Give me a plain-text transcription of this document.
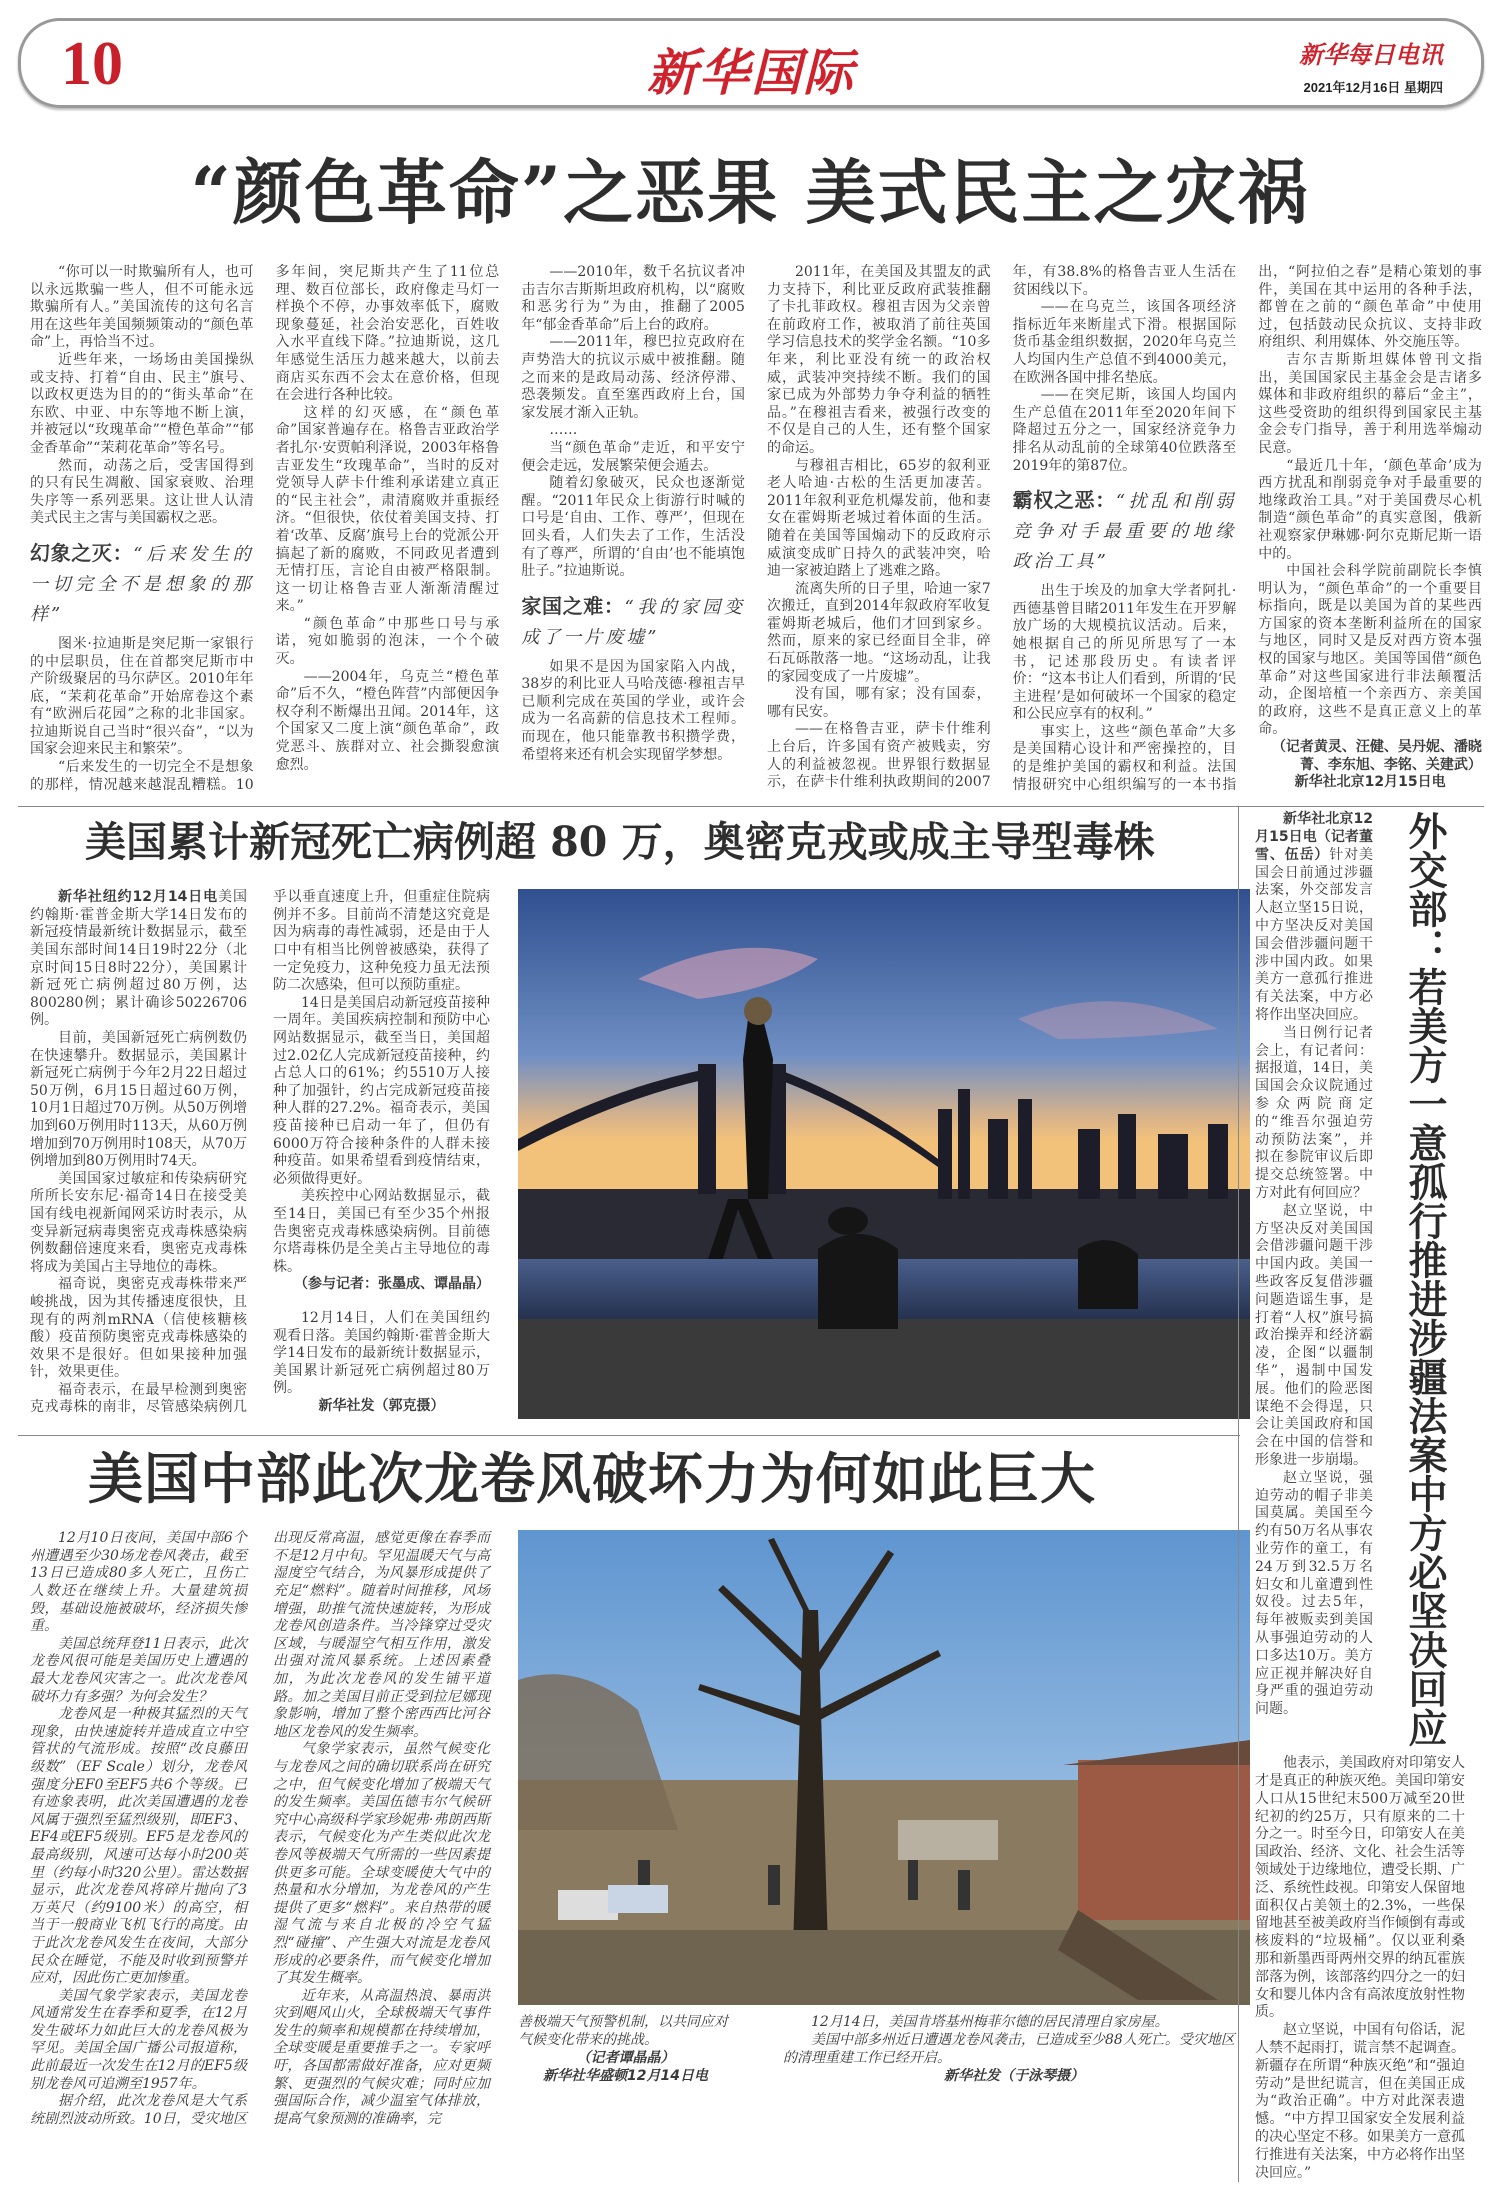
10	新华国际	新华每日电讯
2021年12月16日 星期四
“颜色革命”之恶果 美式民主之灾祸

“你可以一时欺骗所有人，也可以永远欺骗一些人，但不可能永远欺骗所有人。”美国流传的这句名言用在这些年美国频频策动的“颜色革命”上，再恰当不过。

近些年来，一场场由美国操纵或支持、打着“自由、民主”旗号、以政权更迭为目的的“街头革命”在东欧、中亚、中东等地不断上演，并被冠以“玫瑰革命”“橙色革命”“郁金香革命”“茉莉花革命”等名号。

然而，动荡之后，受害国得到的只有民生凋敝、国家衰败、治理失序等一系列恶果。这让世人认清美式民主之害与美国霸权之恶。

幻象之灭：“后来发生的一切完全不是想象的那样”

图米·拉迪斯是突尼斯一家银行的中层职员，住在首都突尼斯市中产阶级聚居的马尔萨区。2010年年底，“茉莉花革命”开始席卷这个素有“欧洲后花园”之称的北非国家。拉迪斯说自己当时“很兴奋”，“以为国家会迎来民主和繁荣”。

“后来发生的一切完全不是想象的那样，情况越来越混乱糟糕。10多年间，突尼斯共产生了11位总理、数百位部长，政府像走马灯一样换个不停，办事效率低下，腐败现象蔓延，社会治安恶化，百姓收入水平直线下降。”拉迪斯说，这几年感觉生活压力越来越大，以前去商店买东西不会太在意价格，但现在会进行各种比较。

这样的幻灭感，在“颜色革命”国家普遍存在。格鲁吉亚政治学者扎尔·安贾帕利泽说，2003年格鲁吉亚发生“玫瑰革命”，当时的反对党领导人萨卡什维利承诺建立真正的“民主社会”，肃清腐败并重振经济。“但很快，依仗着美国支持、打着‘改革、反腐’旗号上台的党派公开搞起了新的腐败，不同政见者遭到无情打压，言论自由被严格限制。这一切让格鲁吉亚人渐渐清醒过来。”

“颜色革命”中那些口号与承诺，宛如脆弱的泡沫，一个个破灭。

——2004年，乌克兰“橙色革命”后不久，“橙色阵营”内部便因争权夺利不断爆出丑闻。2014年，这个国家又二度上演“颜色革命”，政党恶斗、族群对立、社会撕裂愈演愈烈。

——2010年，数千名抗议者冲击吉尔吉斯斯坦政府机构，以“腐败和恶劣行为”为由，推翻了2005年“郁金香革命”后上台的政府。

——2011年，穆巴拉克政府在声势浩大的抗议示威中被推翻。随之而来的是政局动荡、经济停滞、恐袭频发。直至塞西政府上台，国家发展才渐入正轨。

……

当“颜色革命”走近，和平安宁便会走远，发展繁荣便会遁去。

随着幻象破灭，民众也逐渐觉醒。“2011年民众上街游行时喊的口号是‘自由、工作、尊严’，但现在回头看，人们失去了工作，生活没有了尊严，所谓的‘自由’也不能填饱肚子。”拉迪斯说。

家国之难：“我的家园变成了一片废墟”

如果不是因为国家陷入内战，38岁的利比亚人马哈茂德·穆祖吉早已顺利完成在英国的学业，或许会成为一名高薪的信息技术工程师。而现在，他只能靠教书积攒学费，希望将来还有机会实现留学梦想。

2011年，在美国及其盟友的武力支持下，利比亚反政府武装推翻了卡扎菲政权。穆祖吉因为父亲曾在前政府工作，被取消了前往英国学习信息技术的奖学金名额。“10多年来，利比亚没有统一的政治权威，武装冲突持续不断。我们的国家已成为外部势力争夺利益的牺牲品。”在穆祖吉看来，被强行改变的不仅是自己的人生，还有整个国家的命运。

与穆祖吉相比，65岁的叙利亚老人哈迪·古松的生活更加凄苦。2011年叙利亚危机爆发前，他和妻女在霍姆斯老城过着体面的生活。随着在美国等国煽动下的反政府示威演变成旷日持久的武装冲突，哈迪一家被迫踏上了逃难之路。

流离失所的日子里，哈迪一家7次搬迁，直到2014年叙政府军收复霍姆斯老城后，他们才回到家乡。然而，原来的家已经面目全非，碎石瓦砾散落一地。“这场动乱，让我的家园变成了一片废墟”。

没有国，哪有家；没有国泰，哪有民安。

——在格鲁吉亚，萨卡什维利上台后，许多国有资产被贱卖，穷人的利益被忽视。世界银行数据显示，在萨卡什维利执政期间的2007年，有38.8%的格鲁吉亚人生活在贫困线以下。

——在乌克兰，该国各项经济指标近年来断崖式下滑。根据国际货币基金组织数据，2020年乌克兰人均国内生产总值不到4000美元，在欧洲各国中排名垫底。

——在突尼斯，该国人均国内生产总值在2011年至2020年间下降超过五分之一，国家经济竞争力排名从动乱前的全球第40位跌落至2019年的第87位。

霸权之恶：“扰乱和削弱竞争对手最重要的地缘政治工具”

出生于埃及的加拿大学者阿扎·西德基曾目睹2011年发生在开罗解放广场的大规模抗议活动。后来，她根据自己的所见所思写了一本书，记述那段历史。有读者评价：“这本书让人们看到，所谓的‘民主进程’是如何破坏一个国家的稳定和公民应享有的权利。”

事实上，这些“颜色革命”大多是美国精心设计和严密操控的，目的是维护美国的霸权和利益。法国情报研究中心组织编写的一本书指出，“阿拉伯之春”是精心策划的事件，美国在其中运用的各种手法，都曾在之前的“颜色革命”中使用过，包括鼓动民众抗议、支持非政府组织、利用媒体、外交施压等。

吉尔吉斯斯坦媒体曾刊文指出，美国国家民主基金会是吉诸多媒体和非政府组织的幕后“金主”，这些受资助的组织得到国家民主基金会专门指导，善于利用选举煽动民意。

“最近几十年，‘颜色革命’成为西方扰乱和削弱竞争对手最重要的地缘政治工具。”对于美国费尽心机制造“颜色革命”的真实意图，俄新社观察家伊琳娜·阿尔克斯尼斯一语中的。

中国社会科学院前副院长李慎明认为，“颜色革命”的一个重要目标指向，既是以美国为首的某些西方国家的资本垄断利益所在的国家与地区，同时又是反对西方资本强权的国家与地区。美国等国借“颜色革命”对这些国家进行非法颠覆活动，企图培植一个亲西方、亲美国的政府，这些不是真正意义上的革命。

（记者黄灵、汪健、吴丹妮、潘晓菁、李东旭、李铭、关建武）

新华社北京12月15日电

美国累计新冠死亡病例超 80 万，奥密克戎或成主导型毒株

新华社纽约12月14日电美国约翰斯·霍普金斯大学14日发布的新冠疫情最新统计数据显示，截至美国东部时间14日19时22分（北京时间15日8时22分），美国累计新冠死亡病例超过80万例，达800280例；累计确诊50226706例。

目前，美国新冠死亡病例数仍在快速攀升。数据显示，美国累计新冠死亡病例于今年2月22日超过50万例，6月15日超过60万例，10月1日超过70万例。从50万例增加到60万例用时113天，从60万例增加到70万例用时108天，从70万例增加到80万例用时74天。

美国国家过敏症和传染病研究所所长安东尼·福奇14日在接受美国有线电视新闻网采访时表示，从变异新冠病毒奥密克戎毒株感染病例数翻倍速度来看，奥密克戎毒株将成为美国占主导地位的毒株。

福奇说，奥密克戎毒株带来严峻挑战，因为其传播速度很快，且现有的两剂mRNA（信使核糖核酸）疫苗预防奥密克戎毒株感染的效果不是很好。但如果接种加强针，效果更佳。

福奇表示，在最早检测到奥密克戎毒株的南非，尽管感染病例几乎以垂直速度上升，但重症住院病例并不多。目前尚不清楚这究竟是因为病毒的毒性减弱，还是由于人口中有相当比例曾被感染，获得了一定免疫力，这种免疫力虽无法预防二次感染，但可以预防重症。

14日是美国启动新冠疫苗接种一周年。美国疾病控制和预防中心网站数据显示，截至当日，美国超过2.02亿人完成新冠疫苗接种，约占总人口的61%；约5510万人接种了加强针，约占完成新冠疫苗接种人群的27.2%。福奇表示，美国疫苗接种已启动一年了，但仍有6000万符合接种条件的人群未接种疫苗。如果希望看到疫情结束，必须做得更好。

美疾控中心网站数据显示，截至14日，美国已有至少35个州报告奥密克戎毒株感染病例。目前德尔塔毒株仍是全美占主导地位的毒株。

（参与记者：张墨成、谭晶晶）

12月14日，人们在美国纽约观看日落。美国约翰斯·霍普金斯大学14日发布的最新统计数据显示，美国累计新冠死亡病例超过80万例。

新华社发（郭克摄）

美国中部此次龙卷风破坏力为何如此巨大

12月10日夜间，美国中部6个州遭遇至少30场龙卷风袭击，截至13日已造成80多人死亡，且伤亡人数还在继续上升。大量建筑损毁，基础设施被破坏，经济损失惨重。

美国总统拜登11日表示，此次龙卷风很可能是美国历史上遭遇的最大龙卷风灾害之一。此次龙卷风破坏力有多强？为何会发生？

龙卷风是一种极其猛烈的天气现象，由快速旋转并造成直立中空管状的气流形成。按照“改良藤田级数”（EF Scale）划分，龙卷风强度分EF0至EF5共6个等级。已有迹象表明，此次美国遭遇的龙卷风属于强烈至猛烈级别，即EF3、EF4或EF5级别。EF5是龙卷风的最高级别，风速可达每小时200英里（约每小时320公里）。雷达数据显示，此次龙卷风将碎片抛向了3万英尺（约9100米）的高空，相当于一般商业飞机飞行的高度。由于此次龙卷风发生在夜间，大部分民众在睡觉，不能及时收到预警并应对，因此伤亡更加惨重。

美国气象学家表示，美国龙卷风通常发生在春季和夏季，在12月发生破坏力如此巨大的龙卷风极为罕见。美国全国广播公司报道称，此前最近一次发生在12月的EF5级别龙卷风可追溯至1957年。

据介绍，此次龙卷风是大气系统剧烈波动所致。10日，受灾地区出现反常高温，感觉更像在春季而不是12月中旬。罕见温暖天气与高湿度空气结合，为风暴形成提供了充足“燃料”。随着时间推移，风场增强，助推气流快速旋转，为形成龙卷风创造条件。当冷锋穿过受灾区域，与暖湿空气相互作用，激发出强对流风暴系统。上述因素叠加，为此次龙卷风的发生铺平道路。加之美国目前正受到拉尼娜现象影响，增加了整个密西西比河谷地区龙卷风的发生频率。

气象学家表示，虽然气候变化与龙卷风之间的确切联系尚在研究之中，但气候变化增加了极端天气的发生频率。美国伍德韦尔气候研究中心高级科学家珍妮弗·弗朗西斯表示，气候变化为产生类似此次龙卷风等极端天气所需的一些因素提供更多可能。全球变暖使大气中的热量和水分增加，为龙卷风的产生提供了更多“燃料”。来自热带的暖湿气流与来自北极的冷空气猛烈“碰撞”、产生强大对流是龙卷风形成的必要条件，而气候变化增加了其发生概率。

近年来，从高温热浪、暴雨洪灾到飓风山火，全球极端天气事件发生的频率和规模都在持续增加，全球变暖是重要推手之一。专家呼吁，各国都需做好准备，应对更频繁、更强烈的气候灾难；同时应加强国际合作，减少温室气体排放，提高气象预测的准确率，完

善极端天气预警机制，以共同应对气候变化带来的挑战。

（记者谭晶晶）

新华社华盛顿12月14日电

12月14日，美国肯塔基州梅菲尔德的居民清理自家房屋。

美国中部多州近日遭遇龙卷风袭击，已造成至少88人死亡。受灾地区的清理重建工作已经开启。

新华社发（于泳琴摄）

新华社北京12月15日电（记者董雪、伍岳）针对美国会日前通过涉疆法案，外交部发言人赵立坚15日说，中方坚决反对美国国会借涉疆问题干涉中国内政。如果美方一意孤行推进有关法案，中方必将作出坚决回应。

当日例行记者会上，有记者问：据报道，14日，美国国会众议院通过参众两院商定的“维吾尔强迫劳动预防法案”，并拟在参院审议后即提交总统签署。中方对此有何回应？

赵立坚说，中方坚决反对美国国会借涉疆问题干涉中国内政。美国一些政客反复借涉疆问题造谣生事，是打着“人权”旗号搞政治操弄和经济霸凌，企图“以疆制华”，遏制中国发展。他们的险恶图谋绝不会得逞，只会让美国政府和国会在中国的信誉和形象进一步崩塌。

赵立坚说，强迫劳动的帽子非美国莫属。美国至今约有50万名从事农业劳作的童工，有24万到32.5万名妇女和儿童遭到性奴役。过去5年，每年被贩卖到美国从事强迫劳动的人口多达10万。美方应正视并解决好自身严重的强迫劳动问题。	外交部：若美方一意孤行推进涉疆法案中方必坚决回应

他表示，美国政府对印第安人才是真正的种族灭绝。美国印第安人口从15世纪末500万减至20世纪初的约25万，只有原来的二十分之一。时至今日，印第安人在美国政治、经济、文化、社会生活等领域处于边缘地位，遭受长期、广泛、系统性歧视。印第安人保留地面积仅占美领土的2.3%，一些保留地甚至被美政府当作倾倒有毒或核废料的“垃圾桶”。仅以亚利桑那和新墨西哥两州交界的纳瓦霍族部落为例，该部落约四分之一的妇女和婴儿体内含有高浓度放射性物质。

赵立坚说，中国有句俗话，泥人禁不起雨打，谎言禁不起调查。新疆存在所谓“种族灭绝”和“强迫劳动”是世纪谎言，但在美国正成为“政治正确”。中方对此深表遗憾。“中方捍卫国家安全发展利益的决心坚定不移。如果美方一意孤行推进有关法案，中方必将作出坚决回应。”
